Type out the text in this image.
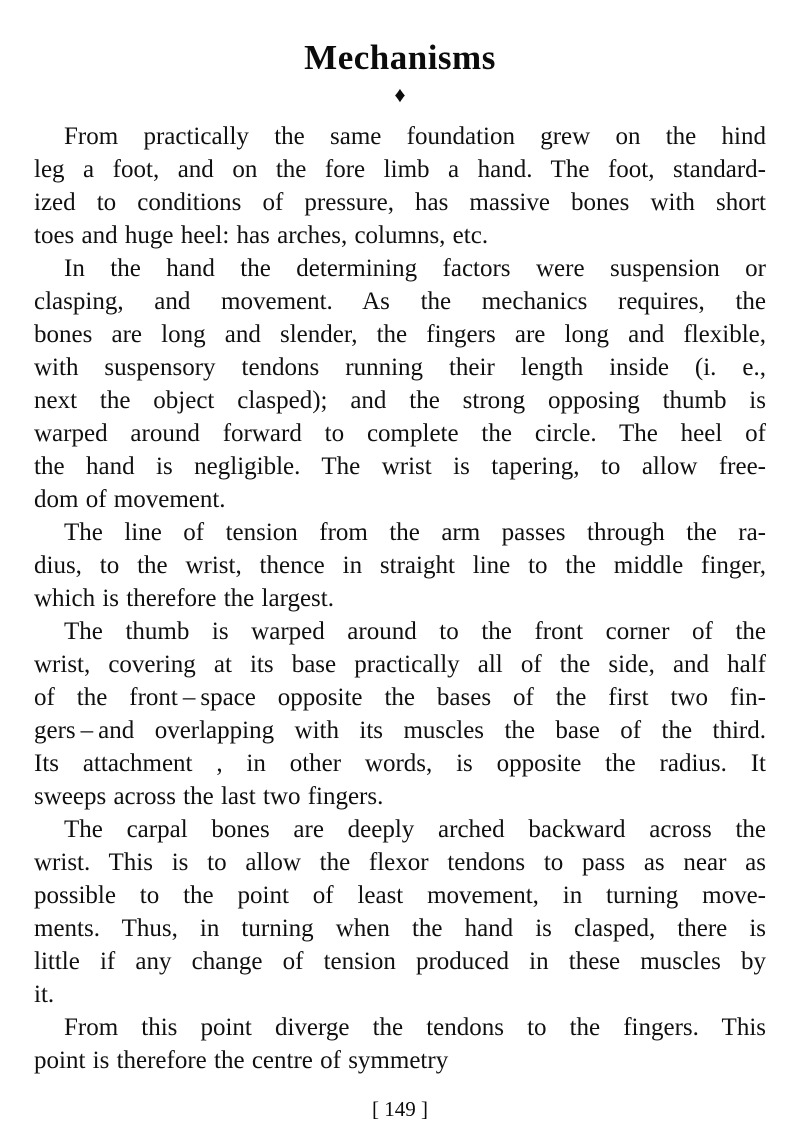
Mechanisms
♦
From practically the same foundation grew on the hind
leg a foot, and on the fore limb a hand. The foot, standard-
ized to conditions of pressure, has massive bones with short
toes and huge heel: has arches, columns, etc.
In the hand the determining factors were suspension or
clasping, and movement. As the mechanics requires, the
bones are long and slender, the fingers are long and flexible,
with suspensory tendons running their length inside (i. e.,
next the object clasped); and the strong opposing thumb is
warped around forward to complete the circle. The heel of
the hand is negligible. The wrist is tapering, to allow free-
dom of movement.
The line of tension from the arm passes through the ra-
dius, to the wrist, thence in straight line to the middle finger,
which is therefore the largest.
The thumb is warped around to the front corner of the
wrist, covering at its base practically all of the side, and half
of the front – space opposite the bases of the first two fin-
gers – and overlapping with its muscles the base of the third.
Its attachment , in other words, is opposite the radius. It
sweeps across the last two fingers.
The carpal bones are deeply arched backward across the
wrist. This is to allow the flexor tendons to pass as near as
possible to the point of least movement, in turning move-
ments. Thus, in turning when the hand is clasped, there is
little if any change of tension produced in these muscles by
it.
From this point diverge the tendons to the fingers. This
point is therefore the centre of symmetry
[ 149 ]
